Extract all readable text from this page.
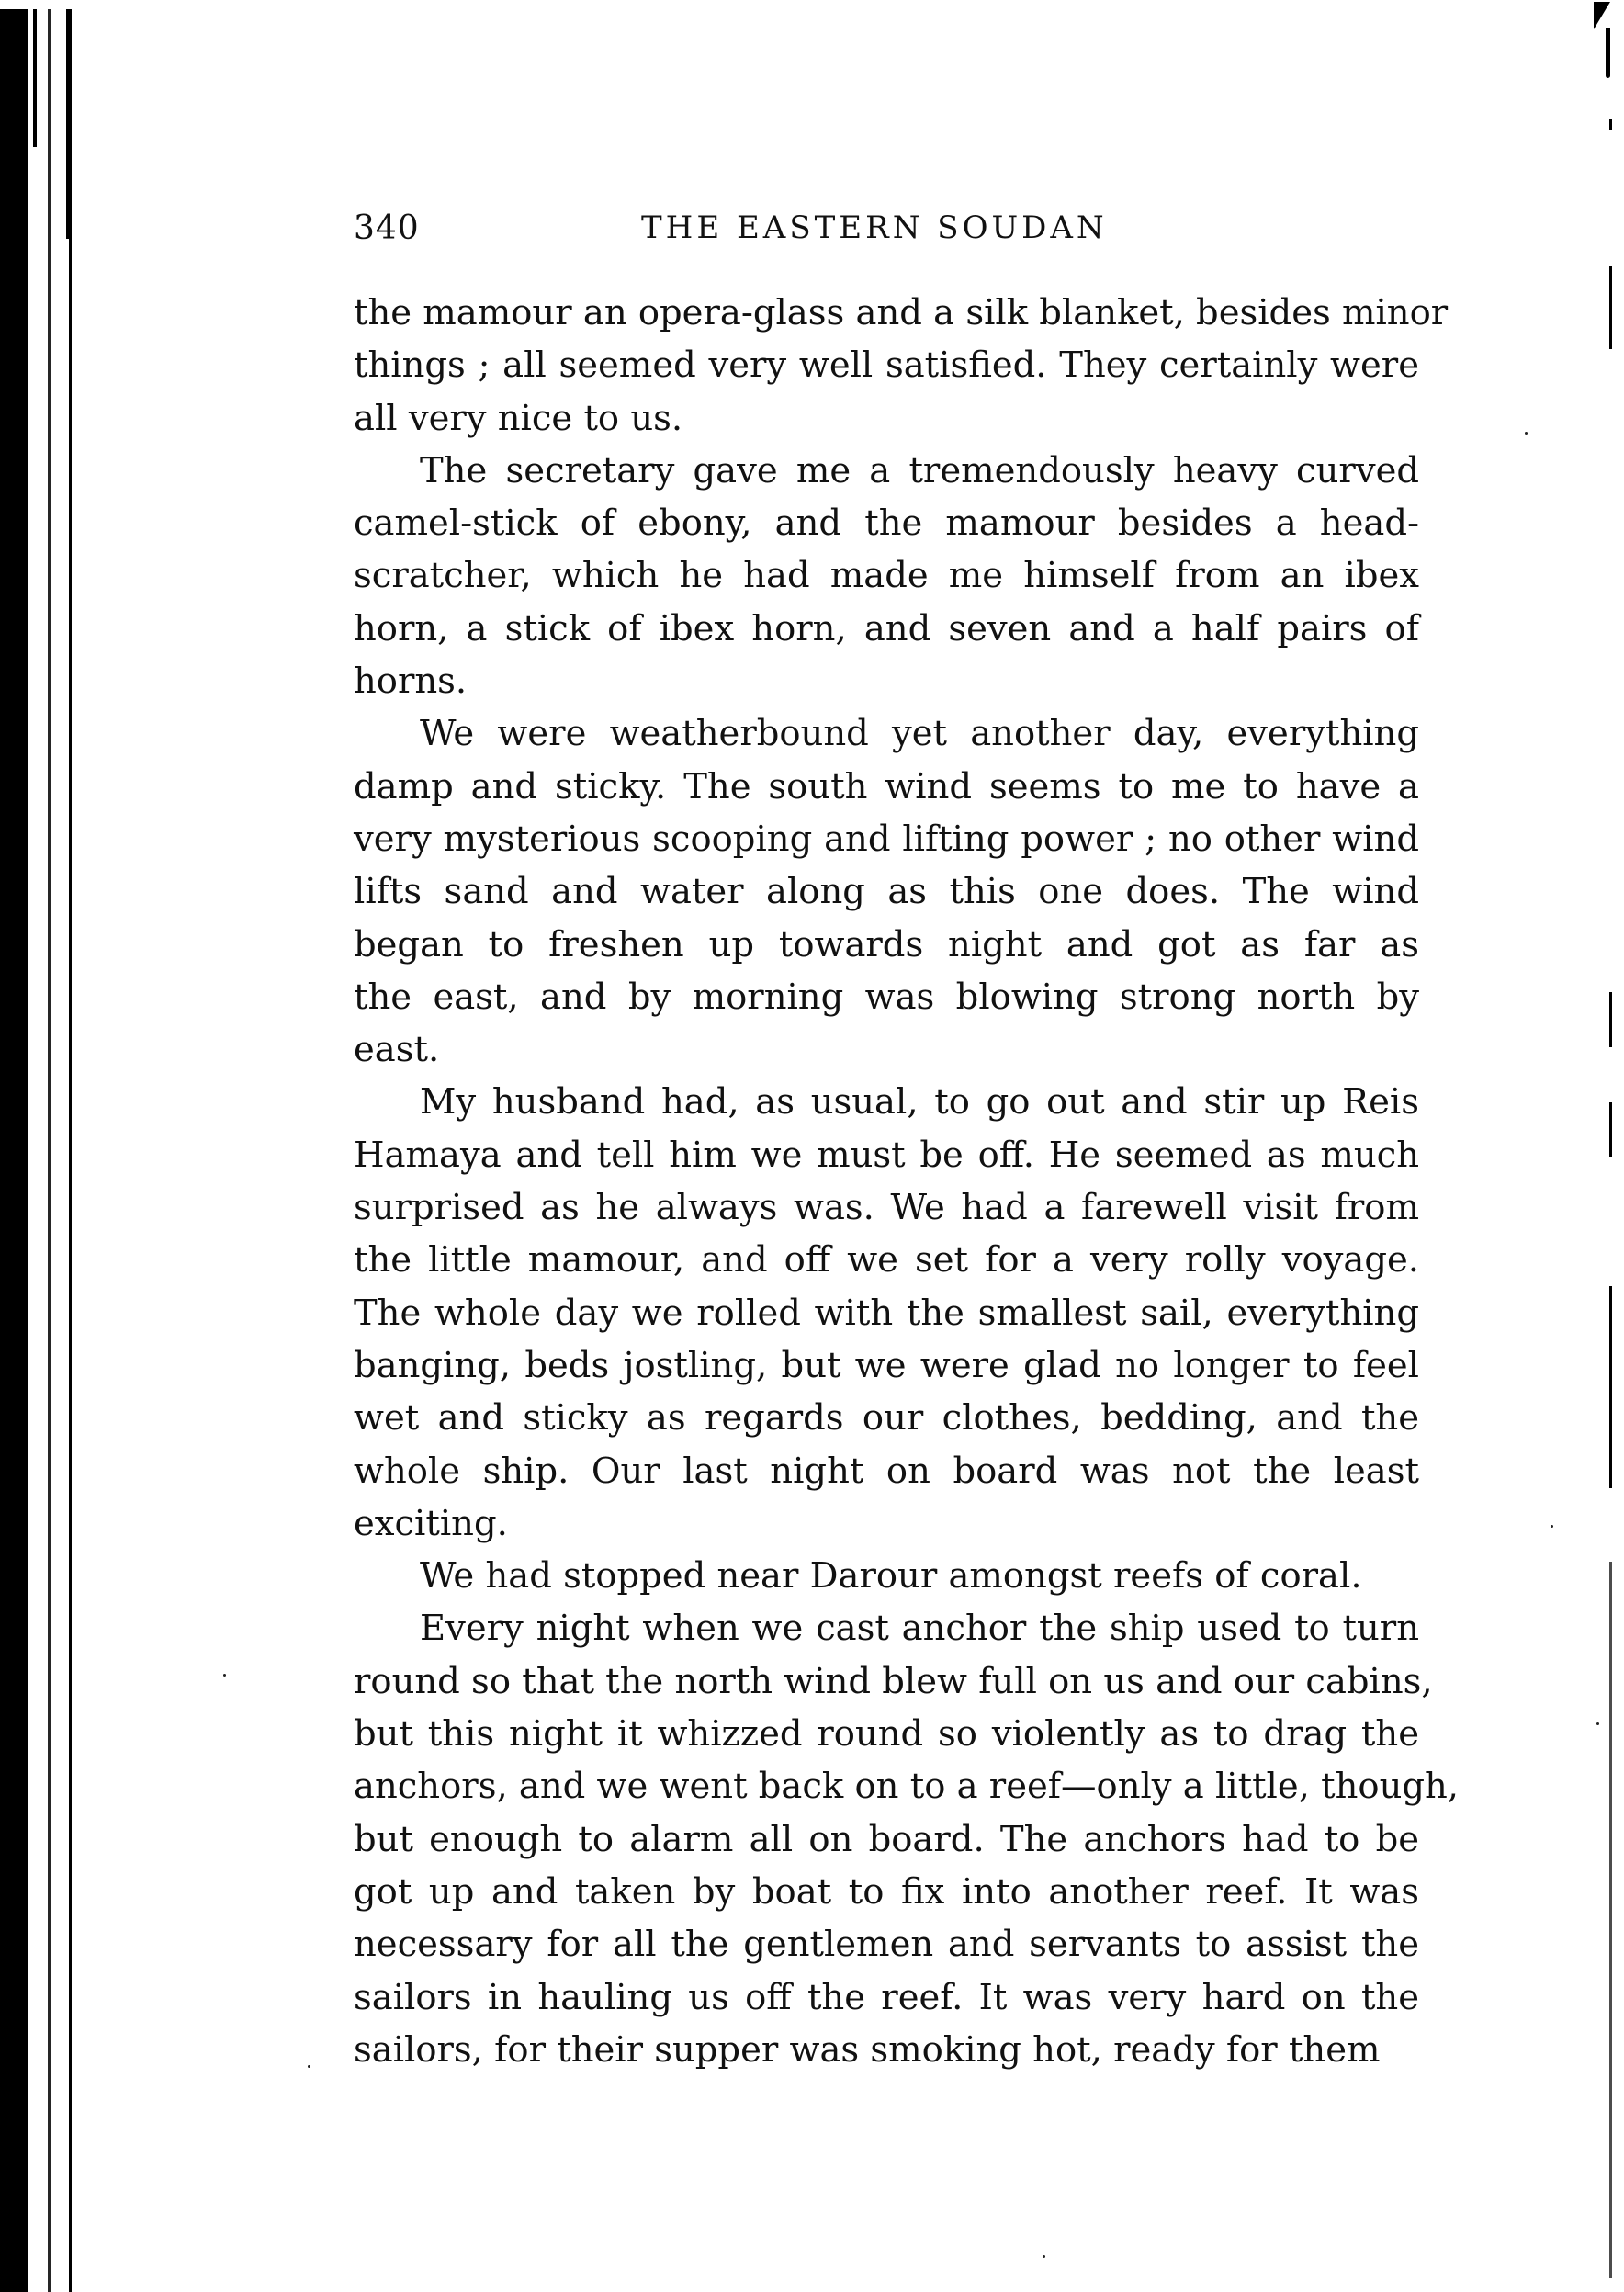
340	THE EASTERN SOUDAN

the mamour an opera-glass and a silk blanket, besides minor
things ; all seemed very well satisfied. They certainly were
all very nice to us.

The secretary gave me a tremendously heavy curved
camel-stick of ebony, and the mamour besides a head-
scratcher, which he had made me himself from an ibex
horn, a stick of ibex horn, and seven and a half pairs of
horns.

We were weatherbound yet another day, everything
damp and sticky. The south wind seems to me to have a
very mysterious scooping and lifting power ; no other wind
lifts sand and water along as this one does. The wind
began to freshen up towards night and got as far as
the east, and by morning was blowing strong north by
east.

My husband had, as usual, to go out and stir up Reis
Hamaya and tell him we must be off. He seemed as much
surprised as he always was. We had a farewell visit from
the little mamour, and off we set for a very rolly voyage.
The whole day we rolled with the smallest sail, everything
banging, beds jostling, but we were glad no longer to feel
wet and sticky as regards our clothes, bedding, and the
whole ship. Our last night on board was not the least
exciting.

We had stopped near Darour amongst reefs of coral.

Every night when we cast anchor the ship used to turn
round so that the north wind blew full on us and our cabins,
but this night it whizzed round so violently as to drag the
anchors, and we went back on to a reef—only a little, though,
but enough to alarm all on board. The anchors had to be
got up and taken by boat to fix into another reef. It was
necessary for all the gentlemen and servants to assist the
sailors in hauling us off the reef. It was very hard on the
sailors, for their supper was smoking hot, ready for them
